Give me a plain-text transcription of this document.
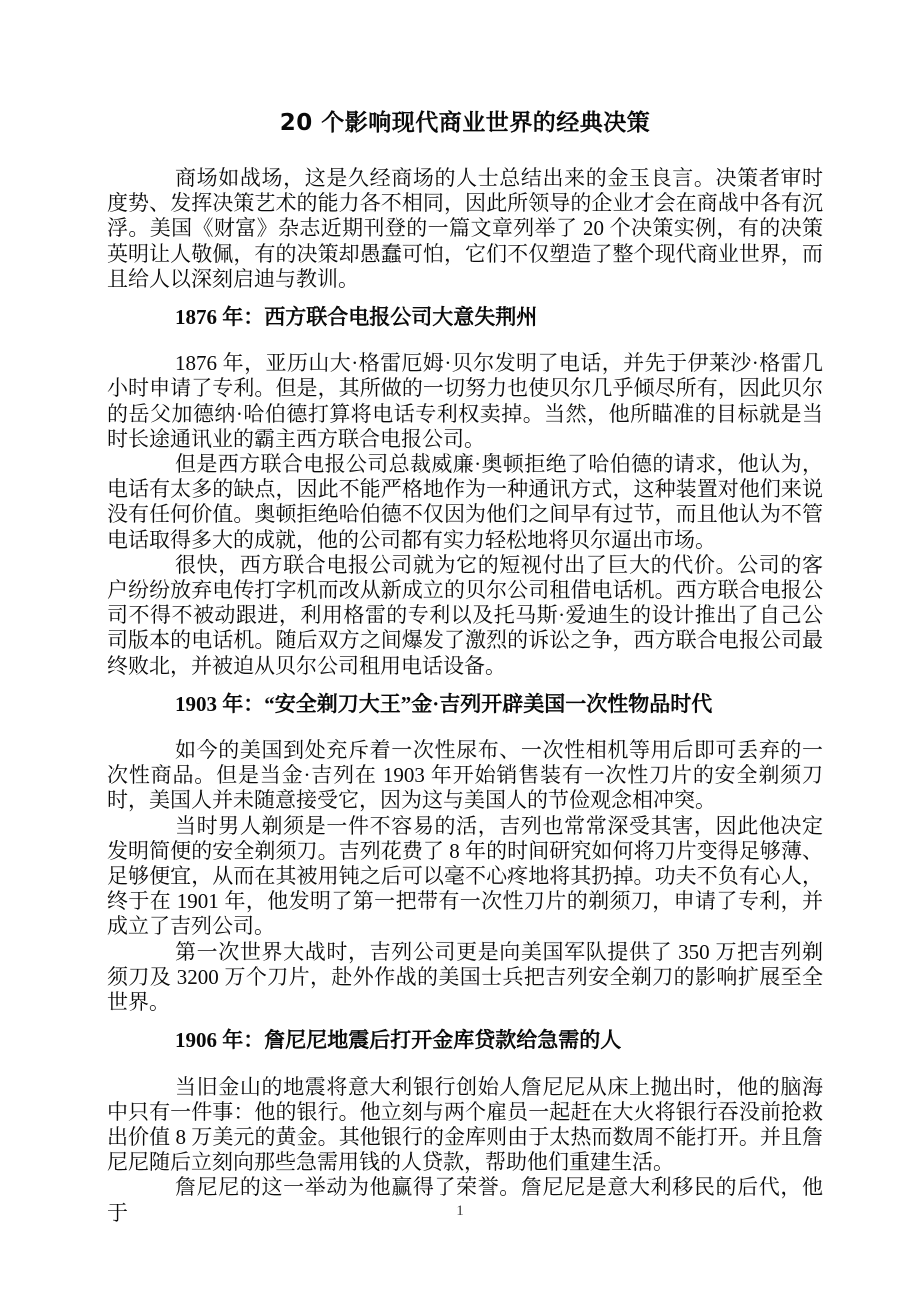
20 个影响现代商业世界的经典决策

商场如战场，这是久经商场的人士总结出来的金玉良言。决策者审时度势、发挥决策艺术的能力各不相同，因此所领导的企业才会在商战中各有沉浮。美国《财富》杂志近期刊登的一篇文章列举了 20 个决策实例，有的决策英明让人敬佩，有的决策却愚蠢可怕，它们不仅塑造了整个现代商业世界，而且给人以深刻启迪与教训。

1876 年：西方联合电报公司大意失荆州

1876 年，亚历山大·格雷厄姆·贝尔发明了电话，并先于伊莱沙·格雷几小时申请了专利。但是，其所做的一切努力也使贝尔几乎倾尽所有，因此贝尔的岳父加德纳·哈伯德打算将电话专利权卖掉。当然，他所瞄准的目标就是当时长途通讯业的霸主西方联合电报公司。

但是西方联合电报公司总裁威廉·奥顿拒绝了哈伯德的请求，他认为，电话有太多的缺点，因此不能严格地作为一种通讯方式，这种装置对他们来说没有任何价值。奥顿拒绝哈伯德不仅因为他们之间早有过节，而且他认为不管电话取得多大的成就，他的公司都有实力轻松地将贝尔逼出市场。

很快，西方联合电报公司就为它的短视付出了巨大的代价。公司的客户纷纷放弃电传打字机而改从新成立的贝尔公司租借电话机。西方联合电报公司不得不被动跟进，利用格雷的专利以及托马斯·爱迪生的设计推出了自己公司版本的电话机。随后双方之间爆发了激烈的诉讼之争，西方联合电报公司最终败北，并被迫从贝尔公司租用电话设备。

1903 年：“安全剃刀大王”金·吉列开辟美国一次性物品时代

如今的美国到处充斥着一次性尿布、一次性相机等用后即可丢弃的一次性商品。但是当金·吉列在 1903 年开始销售装有一次性刀片的安全剃须刀时，美国人并未随意接受它，因为这与美国人的节俭观念相冲突。

当时男人剃须是一件不容易的活，吉列也常常深受其害，因此他决定发明简便的安全剃须刀。吉列花费了 8 年的时间研究如何将刀片变得足够薄、足够便宜，从而在其被用钝之后可以毫不心疼地将其扔掉。功夫不负有心人，终于在 1901 年，他发明了第一把带有一次性刀片的剃须刀，申请了专利，并成立了吉列公司。

第一次世界大战时，吉列公司更是向美国军队提供了 350 万把吉列剃须刀及 3200 万个刀片，赴外作战的美国士兵把吉列安全剃刀的影响扩展至全世界。

1906 年：詹尼尼地震后打开金库贷款给急需的人

当旧金山的地震将意大利银行创始人詹尼尼从床上抛出时，他的脑海中只有一件事：他的银行。他立刻与两个雇员一起赶在大火将银行吞没前抢救出价值 8 万美元的黄金。其他银行的金库则由于太热而数周不能打开。并且詹尼尼随后立刻向那些急需用钱的人贷款，帮助他们重建生活。

詹尼尼的这一举动为他赢得了荣誉。詹尼尼是意大利移民的后代，他于	1
